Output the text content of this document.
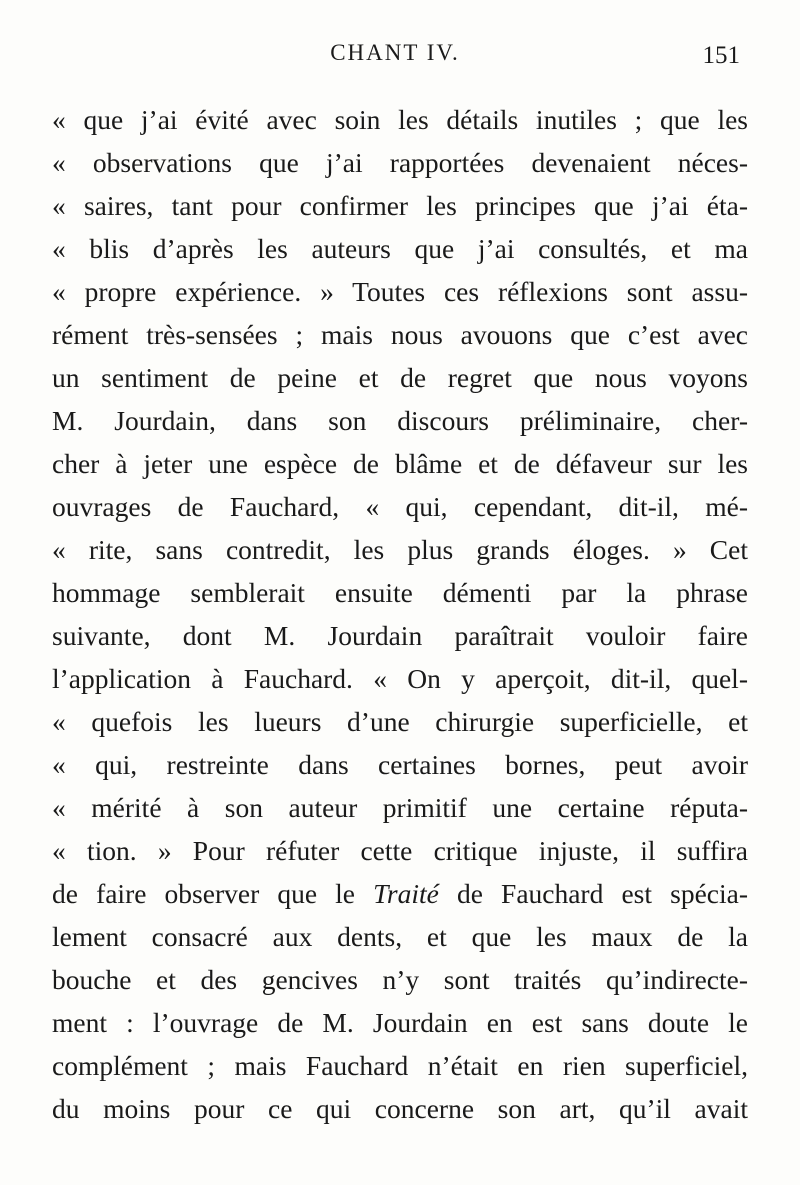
CHANT IV.	151
« que j’ai évité avec soin les détails inutiles ; que les
« observations que j’ai rapportées devenaient néces-
« saires, tant pour confirmer les principes que j’ai éta-
« blis d’après les auteurs que j’ai consultés, et ma
« propre expérience. » Toutes ces réflexions sont assu-
rément très-sensées ; mais nous avouons que c’est avec
un sentiment de peine et de regret que nous voyons
M. Jourdain, dans son discours préliminaire, cher-
cher à jeter une espèce de blâme et de défaveur sur les
ouvrages de Fauchard, « qui, cependant, dit-il, mé-
« rite, sans contredit, les plus grands éloges. » Cet
hommage semblerait ensuite démenti par la phrase
suivante, dont M. Jourdain paraîtrait vouloir faire
l’application à Fauchard. « On y aperçoit, dit-il, quel-
« quefois les lueurs d’une chirurgie superficielle, et
« qui, restreinte dans certaines bornes, peut avoir
« mérité à son auteur primitif une certaine réputa-
« tion. » Pour réfuter cette critique injuste, il suffira
de faire observer que le Traité de Fauchard est spécia-
lement consacré aux dents, et que les maux de la
bouche et des gencives n’y sont traités qu’indirecte-
ment : l’ouvrage de M. Jourdain en est sans doute le
complément ; mais Fauchard n’était en rien superficiel,
du moins pour ce qui concerne son art, qu’il avait
